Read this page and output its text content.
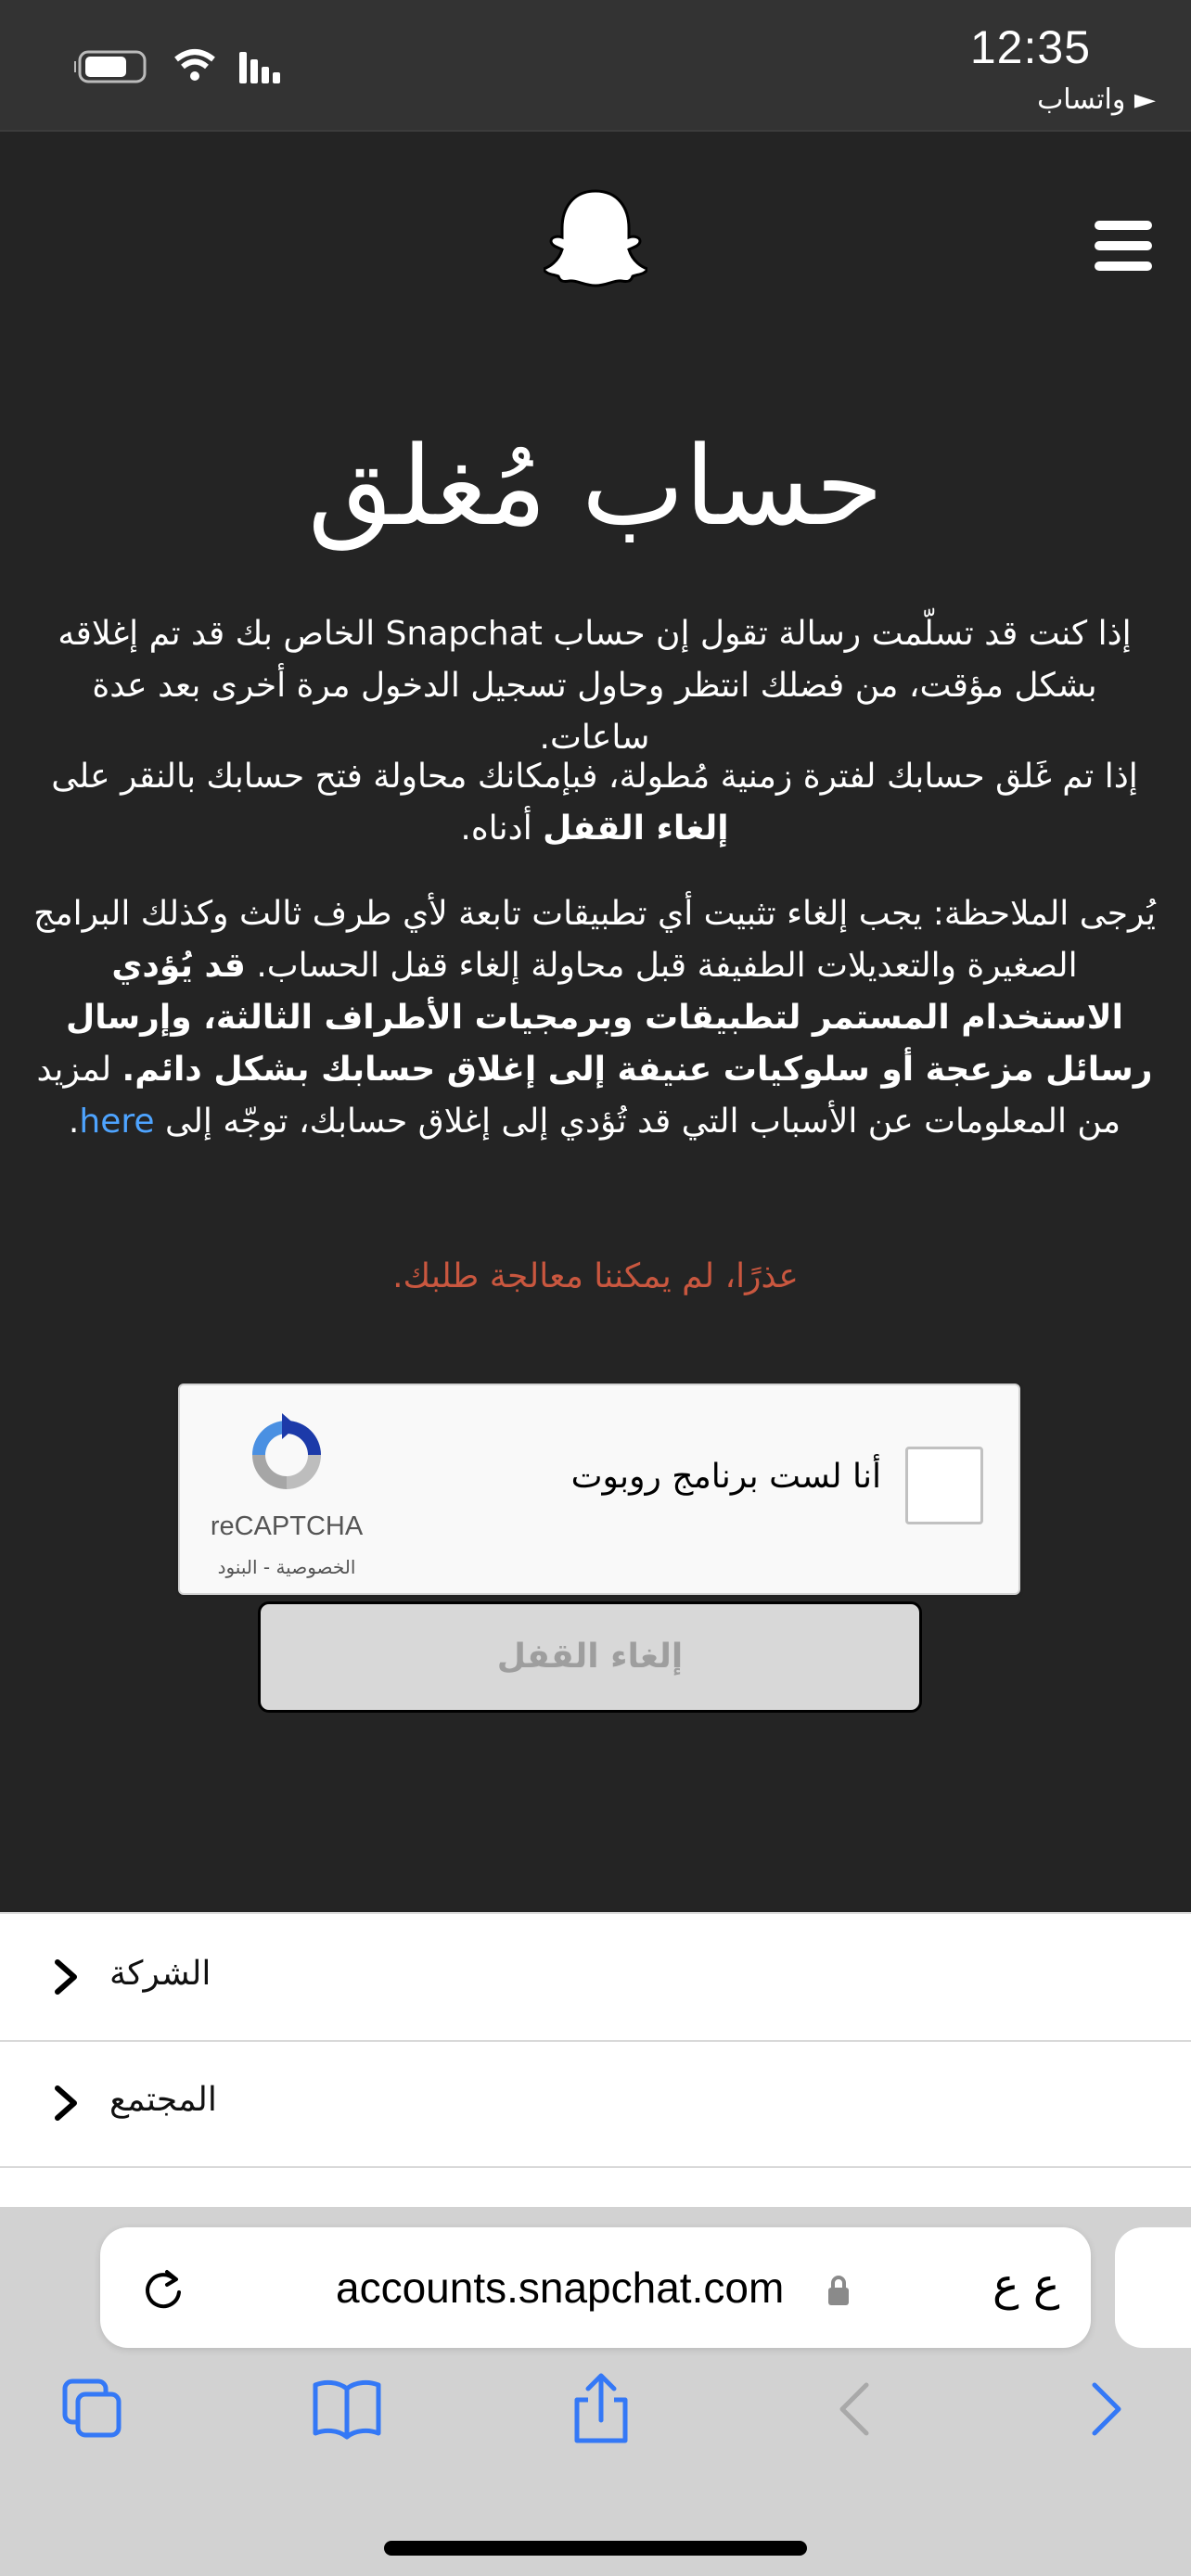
12:35
► واتساب
حساب مُغلق

إذا كنت قد تسلّمت رسالة تقول إن حساب Snapchat الخاص بك قد تم إغلاقه بشكل مؤقت، من فضلك انتظر وحاول تسجيل الدخول مرة أخرى بعد عدة ساعات.

إذا تم غَلق حسابك لفترة زمنية مُطولة، فبإمكانك محاولة فتح حسابك بالنقر على إلغاء القفل أدناه.

يُرجى الملاحظة: يجب إلغاء تثبيت أي تطبيقات تابعة لأي طرف ثالث وكذلك البرامج الصغيرة والتعديلات الطفيفة قبل محاولة إلغاء قفل الحساب. قد يُؤدي الاستخدام المستمر لتطبيقات وبرمجيات الأطراف الثالثة، وإرسال رسائل مزعجة أو سلوكيات عنيفة إلى إغلاق حسابك بشكل دائم. لمزيد من المعلومات عن الأسباب التي قد تُؤدي إلى إغلاق حسابك، توجّه إلى here.

عذرًا، لم يمكننا معالجة طلبك.
أنا لست برنامج روبوت
reCAPTCHA
الخصوصية - البنود
إلغاء القفل
الشركة
المجتمع
accounts.snapchat.com	ع ع
